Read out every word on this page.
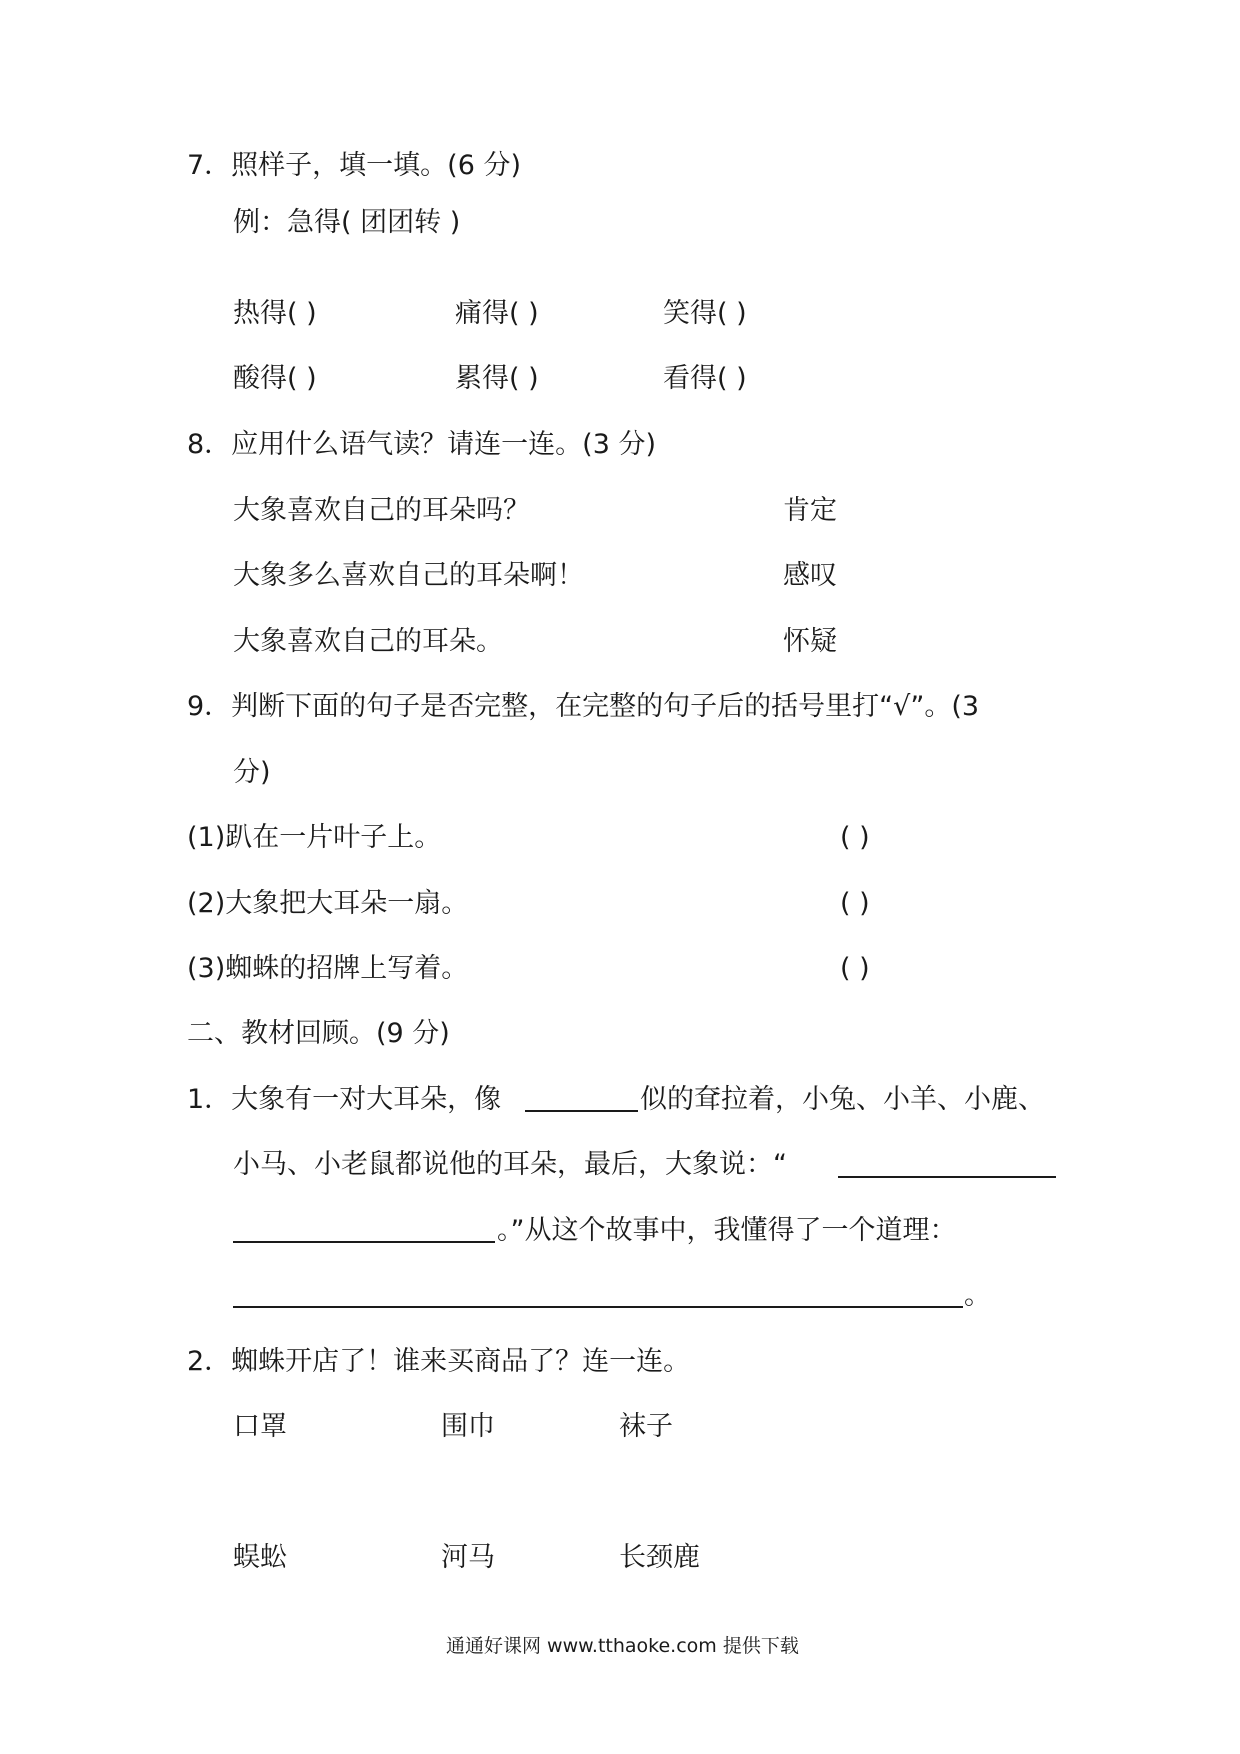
7．照样子，填一填。(6 分)
例：急得( 团团转 )
热得( )	痛得( )	笑得( )
酸得( )	累得( )	看得( )
8．应用什么语气读？请连一连。(3 分)
大象喜欢自己的耳朵吗？	肯定
大象多么喜欢自己的耳朵啊！	感叹
大象喜欢自己的耳朵。	怀疑
9．判断下面的句子是否完整，在完整的句子后的括号里打“√”。(3
分)
(1)趴在一片叶子上。	( )
(2)大象把大耳朵一扇。	( )
(3)蜘蛛的招牌上写着。	( )
二、教材回顾。(9 分)
1．大象有一对大耳朵，像	似的耷拉着，小兔、小羊、小鹿、
小马、小老鼠都说他的耳朵，最后，大象说：“
。”从这个故事中，我懂得了一个道理：
。
2．蜘蛛开店了！谁来买商品了？连一连。
口罩	围巾	袜子
蜈蚣	河马	长颈鹿
通通好课网 www.tthaoke.com 提供下载
